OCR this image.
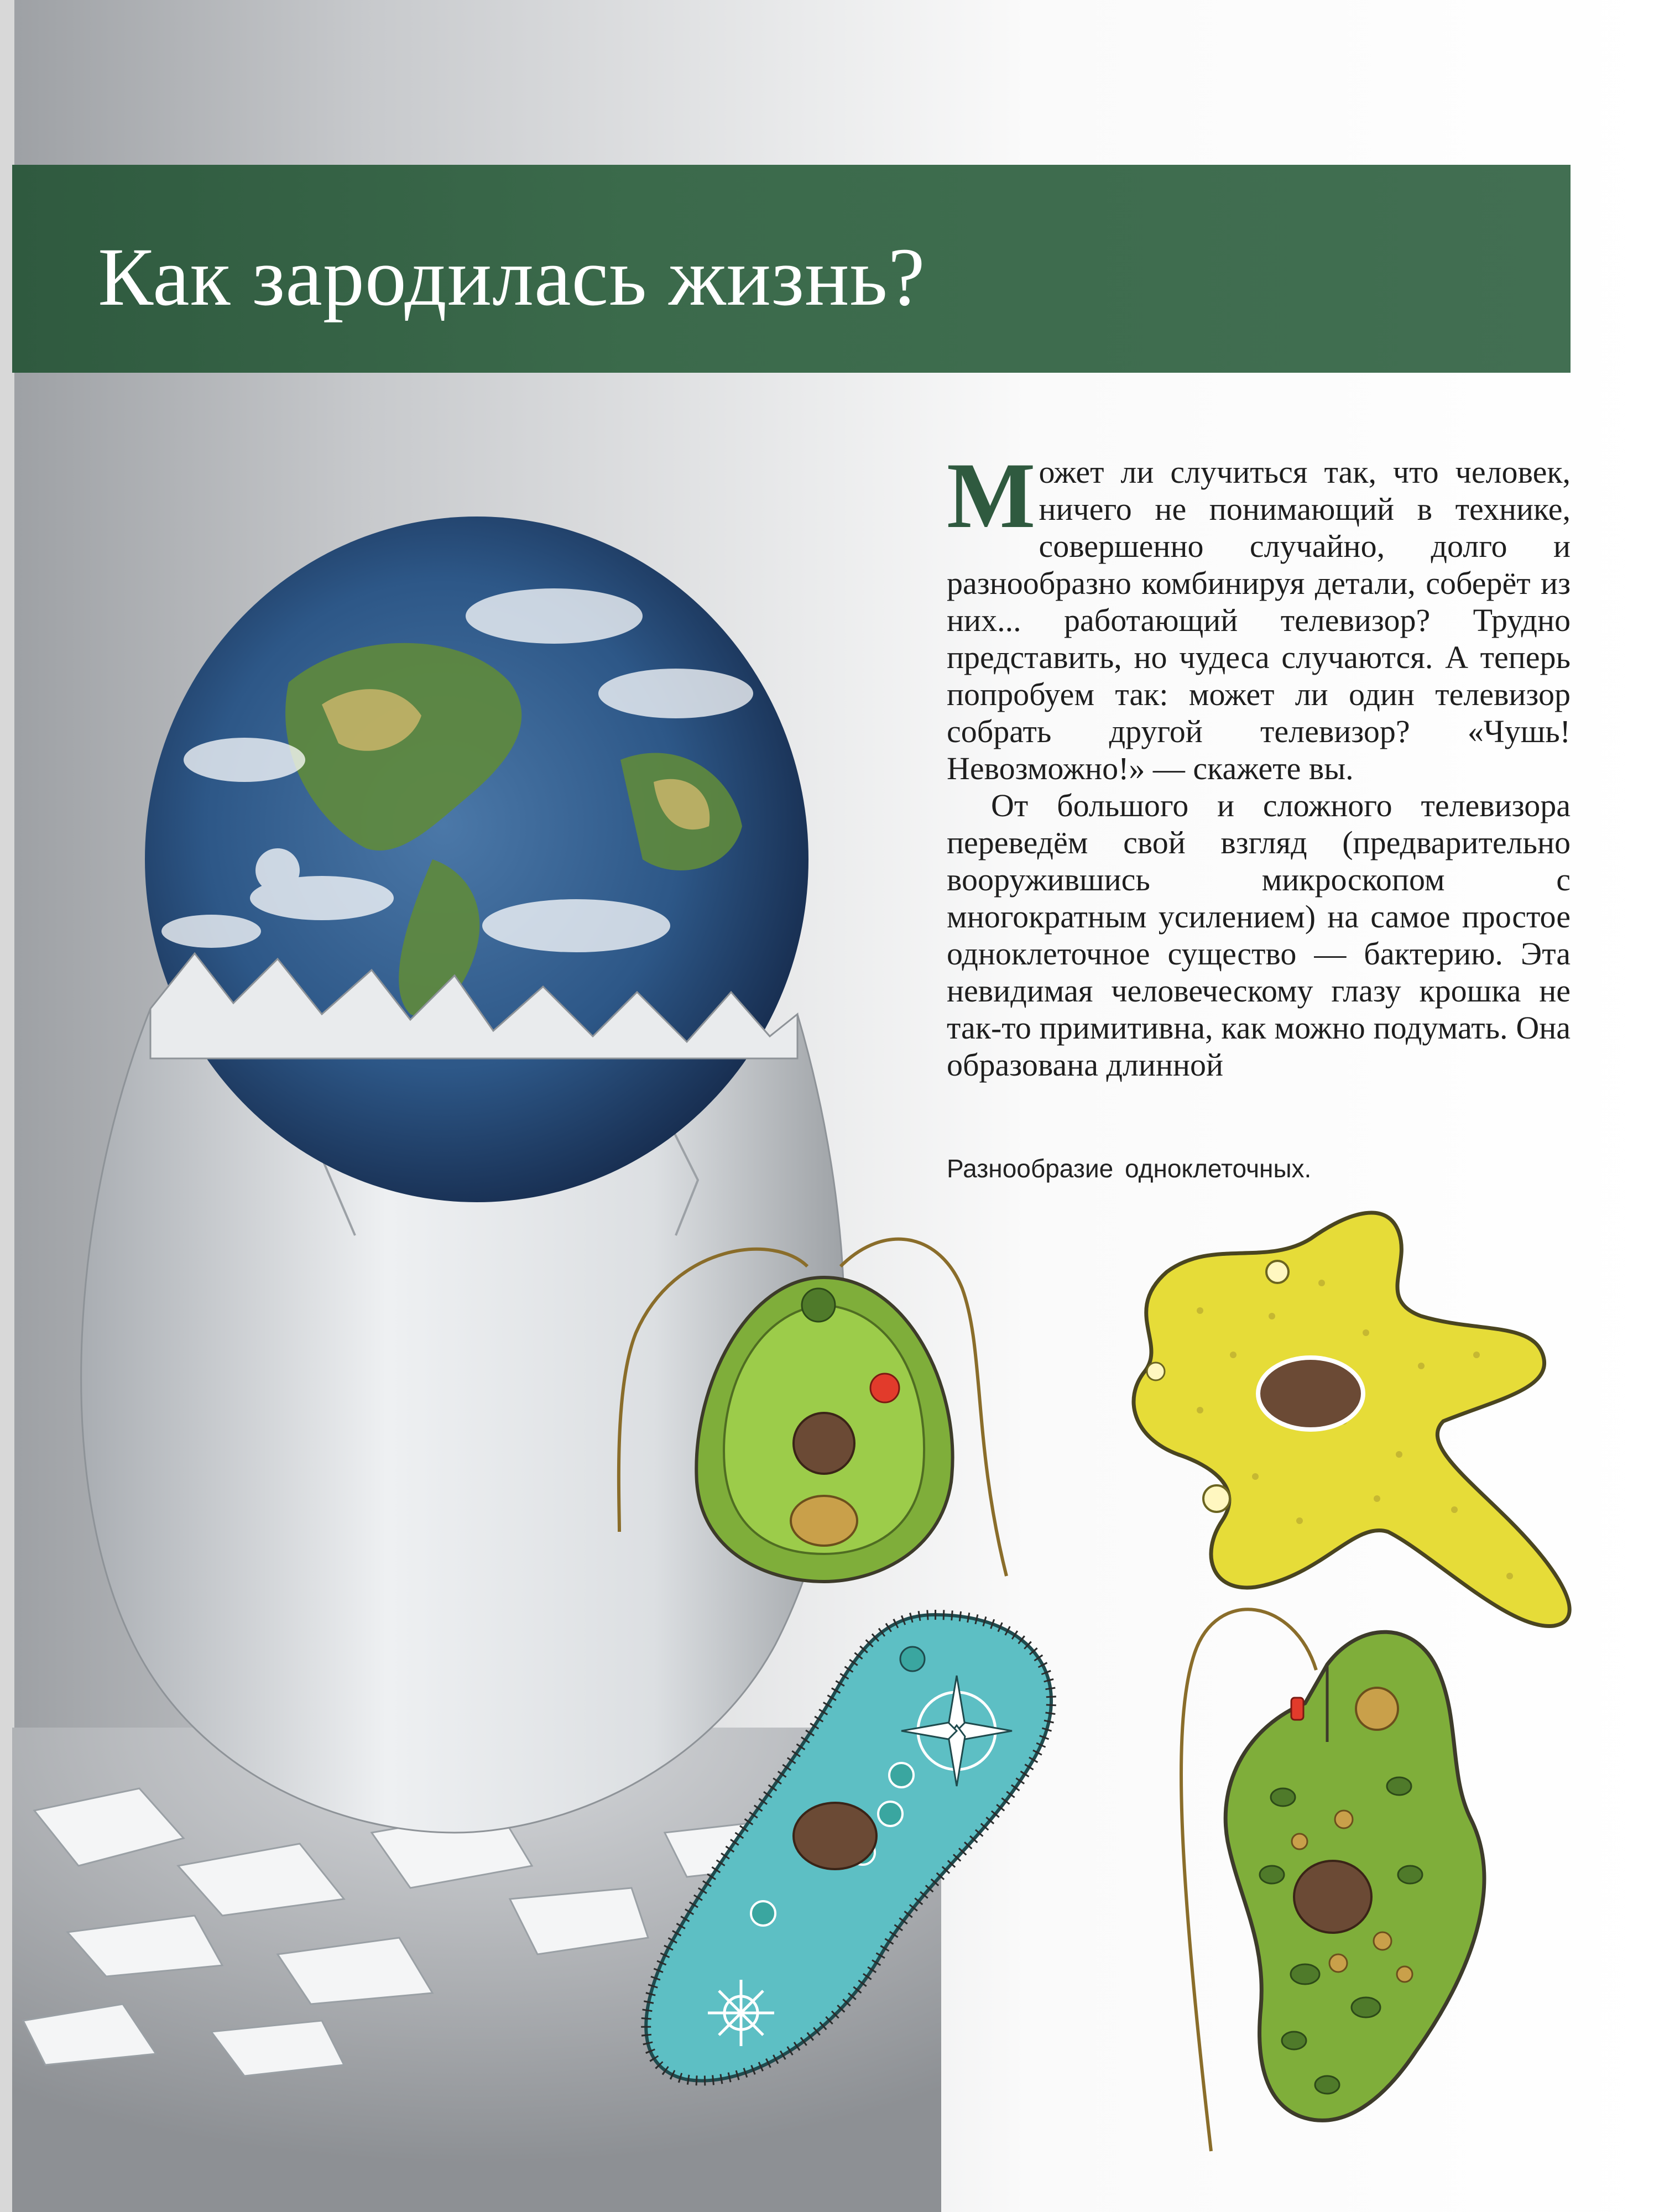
Как зародилась жизнь?

Может ли случиться так, что человек, ничего не понимающий в технике, совершенно случайно, долго и разнообразно комбинируя детали, соберёт из них... работающий телевизор? Трудно представить, но чудеса случаются. А теперь попробуем так: может ли один телевизор собрать другой телевизор? «Чушь! Невозможно!» — скажете вы.

От большого и сложного телевизора переведём свой взгляд (предварительно вооружившись микроскопом с многократным усилением) на самое простое одноклеточное существо — бактерию. Эта невидимая человеческому глазу крошка не так-то примитивна, как можно подумать. Она образована длинной

Разнообразие одноклеточных.
